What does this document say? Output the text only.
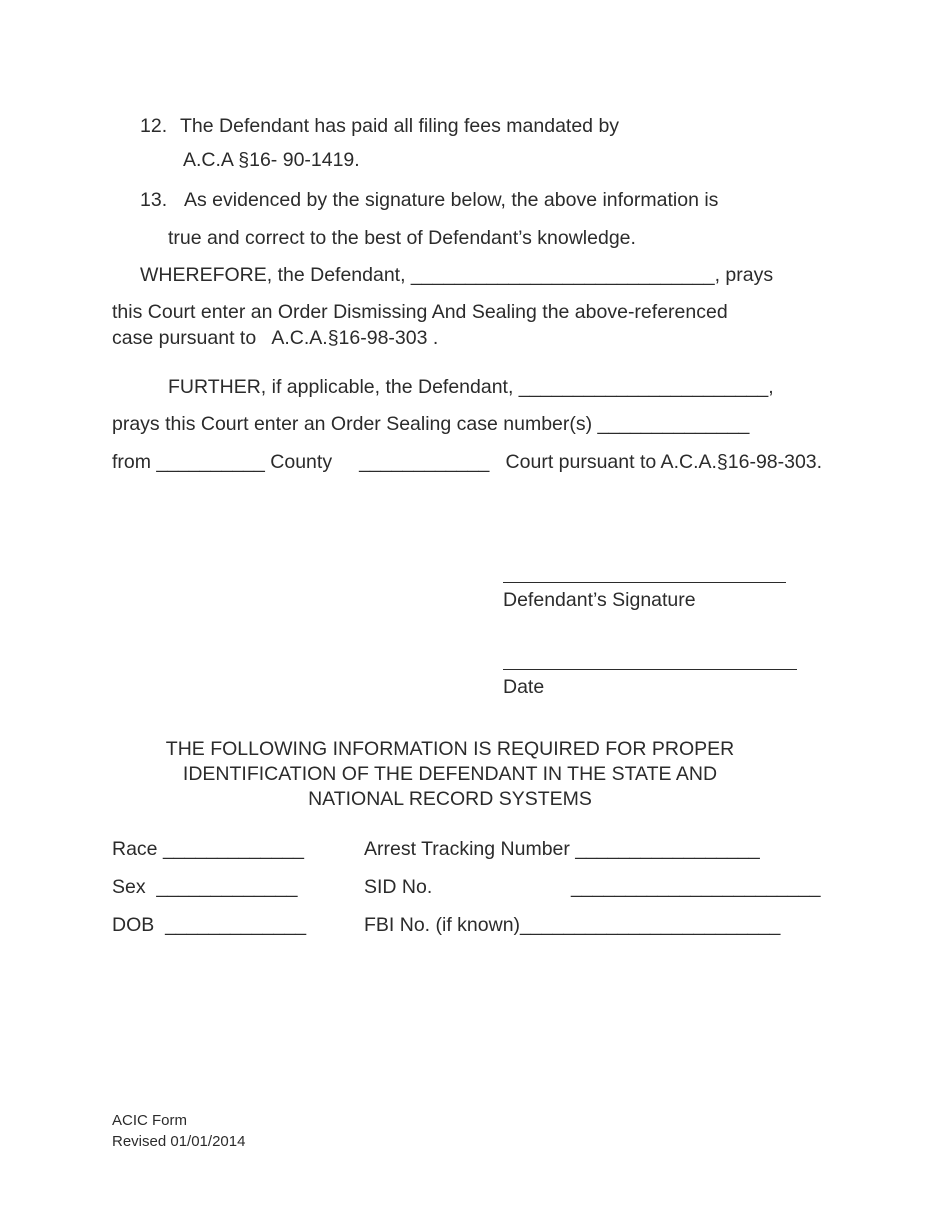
12. The Defendant has paid all filing fees mandated by
A.C.A §16- 90-1419.
13. As evidenced by the signature below, the above information is
true and correct to the best of Defendant’s knowledge.
WHEREFORE, the Defendant, ____________________________, prays
this Court enter an Order Dismissing And Sealing the above-referenced
case pursuant to   A.C.A.§16-98-303 .
FURTHER, if applicable, the Defendant, _______________________,
prays this Court enter an Order Sealing case number(s) ______________
from __________ County     ____________   Court pursuant to A.C.A.§16-98-303.
Defendant’s Signature
Date
THE FOLLOWING INFORMATION IS REQUIRED FOR PROPER
IDENTIFICATION OF THE DEFENDANT IN THE STATE AND
NATIONAL RECORD SYSTEMS
Race _____________
Sex  _____________
DOB  _____________
Arrest Tracking Number _________________
SID No.	_______________________
FBI No. (if known)________________________
ACIC Form
Revised 01/01/2014
